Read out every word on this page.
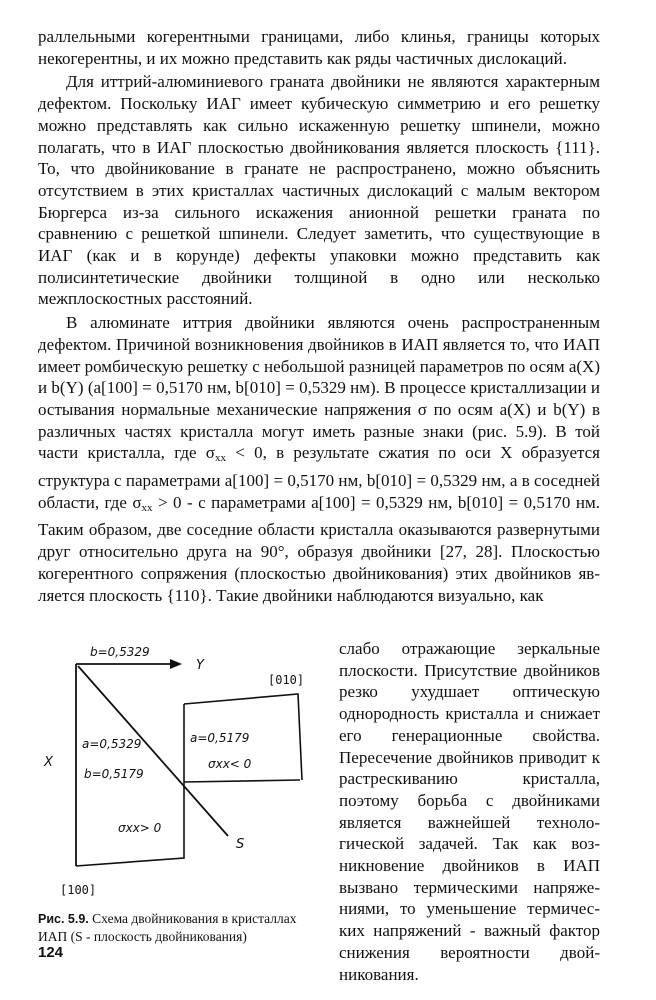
раллельными когерентными границами, либо клинья, границы которых некогерентны, и их можно представить как ряды частичных дислокаций.

Для иттрий-алюминиевого граната двойники не являются характерным дефектом. Поскольку ИАГ имеет кубическую симметрию и его решетку можно представлять как сильно искаженную решетку шпинели, можно полагать, что в ИАГ плоскостью двойникования является плоскость {111}. То, что двойникование в гранате не распространено, можно объяснить отсутствием в этих кристаллах частичных дислокаций с малым вектором Бюргерса из-за сильного искажения анионной решетки граната по сравнению с решеткой шпинели. Следует заметить, что существующие в ИАГ (как и в корунде) дефекты упаковки можно представить как полисинтетические двойники толщиной в одно или несколько межплоскостных расстояний.

В алюминате иттрия двойники являются очень распространенным дефектом. Причиной возникновения двойников в ИАП является то, что ИАП имеет ромбическую решетку с небольшой разницей параметров по осям a(X) и b(Y) (a[100] = 0,5170 нм, b[010] = 0,5329 нм). В процессе кристаллизации и остывания нормальные механические напряжения σ по осям a(X) и b(Y) в различных частях кристалла могут иметь разные знаки (рис. 5.9). В той части кристалла, где $\sigma_{xx} < 0$, в результате сжатия по оси X образуется структура с параметрами a[100] = 0,5170 нм, b[010] = 0,5329 нм, а в соседней области, где $\sigma_{xx} > 0 - с$ параметрами a[100] = 0,5329 нм, b[010] = 0,5170 нм. Таким образом, две соседние области кристалла оказываются развернутыми друг относительно друга на 90°, образуя двойники [27, 28]. Плоскостью когерентного сопряжения (плоскостью двойникования) этих двойников является плоскость {110}. Такие двойники наблюдаются визуально, как

Y
X
S
[010]
[100]
b=0,5329
a=0,5329
b=0,5179
a=0,5179
σxx< 0
σxx> 0
Рис. 5.9. Схема двойникования в кристаллах ИАП (S - плоскость двойникования)
слабо отражающие зеркальные плоскости. Присутствие двойников резко ухудшает оптическую однородность кристалла и снижает его генерационные свойства. Пересечение двойников приводит к растрескиванию кристалла, поэтому борьба с двойниками является важнейшей технологической задачей. Так как возникновение двойников в ИАП вызвано термическими напряжениями, то уменьшение термических напряжений - важный фактор снижения вероятности двойникования.
124
